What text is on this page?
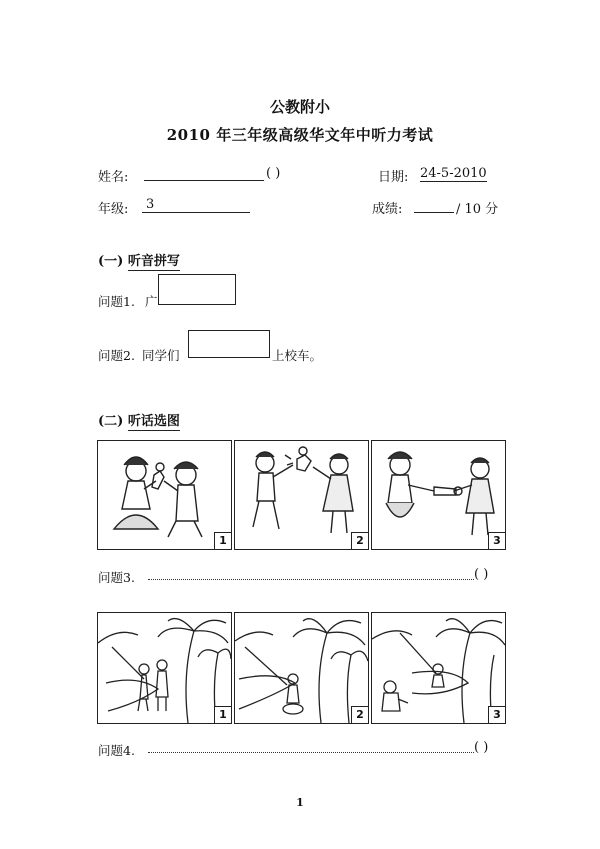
公教附小
2010 年三年级高级华文年中听力考试
姓名:	( )	日期: 24-5-2010
年级: 3	成绩:	/ 10 分
(一) 听音拼写
问题1. 广
问题2. 同学们	上校车。
(二) 听话选图
1	2	3
问题3.	( )
1	2	3
问题4.	( )
1
